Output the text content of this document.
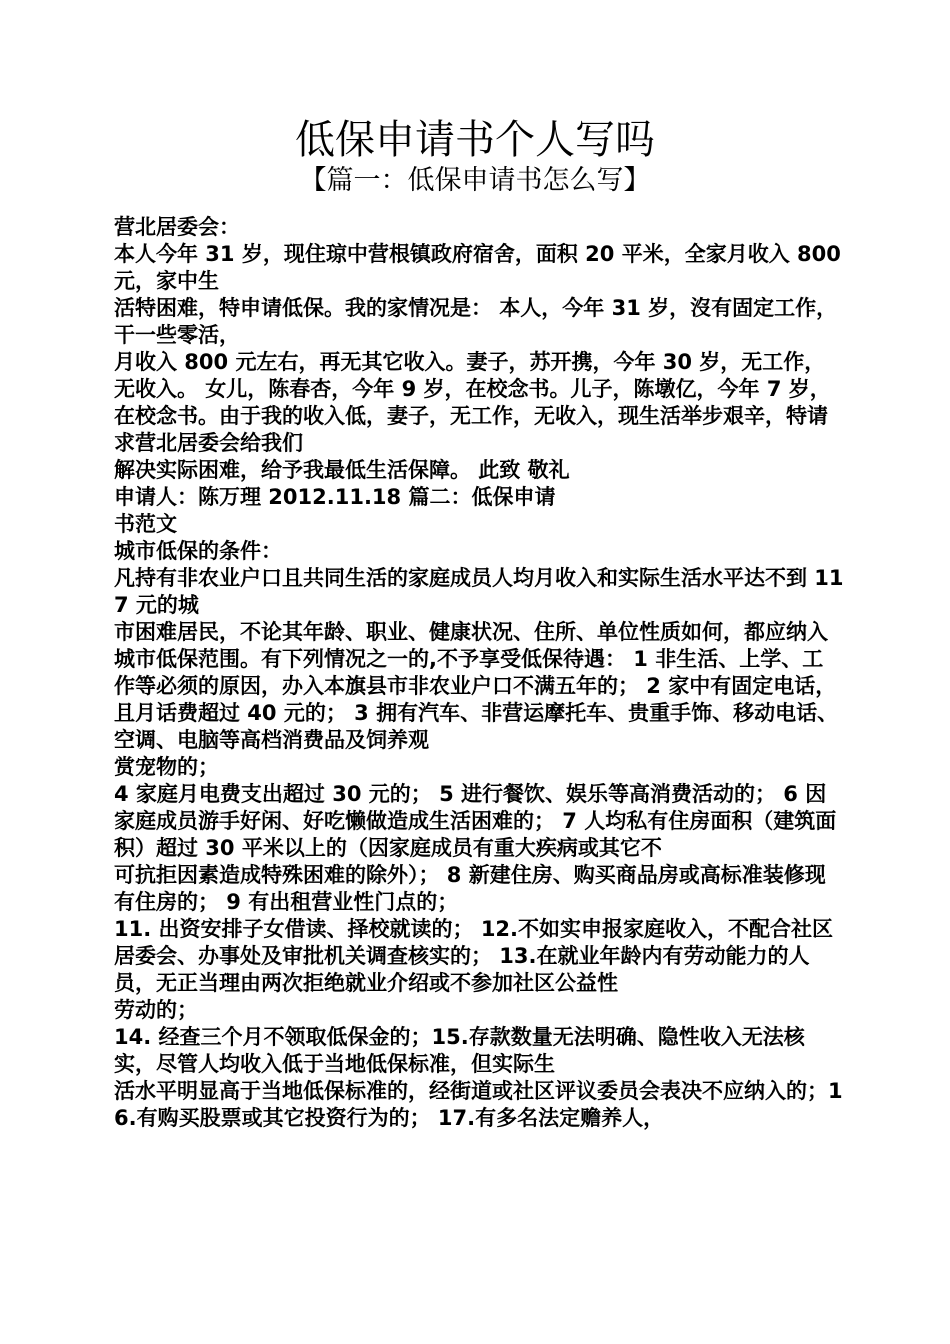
低保申请书个人写吗
【篇一：低保申请书怎么写】

营北居委会：

本人今年 31 岁，现住琼中营根镇政府宿舍，面积 20 平米，全家月收入 800 元，家中生

活特困难，特申请低保。我的家情况是： 本人，今年 31 岁，沒有固定工作，干一些零活，

月收入 800 元左右，再无其它收入。妻子，苏开携，今年 30 岁，无工作，无收入。 女儿，陈春杏，今年 9 岁，在校念书。儿子，陈墩亿，今年 7 岁，在校念书。由于我的收入低，妻子，无工作，无收入，现生活举步艰辛，特请求营北居委会给我们

解决实际困难，给予我最低生活保障。 此致 敬礼

申请人：陈万理 2012.11.18 篇二：低保申请

书范文

城市低保的条件：

凡持有非农业户口且共同生活的家庭成员人均月收入和实际生活水平达不到 117 元的城

市困难居民，不论其年龄、职业、健康状况、住所、单位性质如何，都应纳入城市低保范围。有下列情况之一的,不予享受低保待遇： 1 非生活、上学、工作等必须的原因，办入本旗县市非农业户口不满五年的； 2 家中有固定电话，且月话费超过 40 元的； 3 拥有汽车、非营运摩托车、贵重手饰、移动电话、空调、电脑等高档消费品及饲养观

赏宠物的；

4 家庭月电费支出超过 30 元的； 5 进行餐饮、娱乐等高消费活动的； 6 因家庭成员游手好闲、好吃懒做造成生活困难的； 7 人均私有住房面积（建筑面积）超过 30 平米以上的（因家庭成员有重大疾病或其它不

可抗拒因素造成特殊困难的除外）； 8 新建住房、购买商品房或高标准装修现有住房的； 9 有出租营业性门点的；

11. 出资安排子女借读、择校就读的； 12.不如实申报家庭收入，不配合社区居委会、办事处及审批机关调查核实的； 13.在就业年龄内有劳动能力的人员，无正当理由两次拒绝就业介绍或不参加社区公益性

劳动的；

14. 经查三个月不领取低保金的；15.存款数量无法明确、隐性收入无法核实，尽管人均收入低于当地低保标准，但实际生

活水平明显高于当地低保标准的，经街道或社区评议委员会表决不应纳入的；16.有购买股票或其它投资行为的； 17.有多名法定赡养人，
